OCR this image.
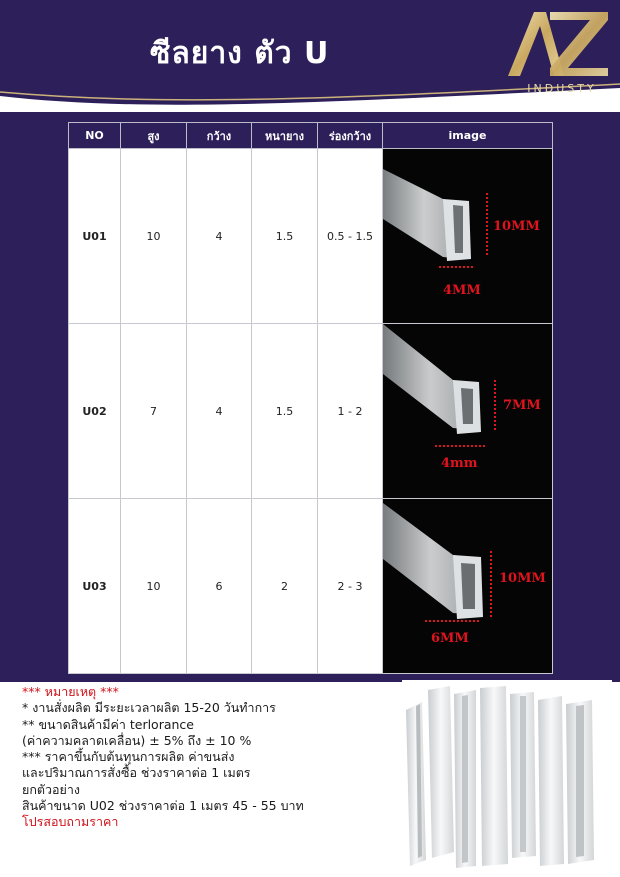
ซีลยาง ตัว U
INDUSTY
NO	สูง	กว้าง	หนายาง	ร่องกว้าง	image
U01	10	4	1.5	0.5 - 1.5	10MM
4MM

U02	7	4	1.5	1 - 2	7MM
4mm

U03	10	6	2	2 - 3	10MM
6MM
*** หมายเหตุ ***
* งานสั่งผลิต มีระยะเวลาผลิต 15-20 วันทำการ
** ขนาดสินค้ามีค่า terlorance
(ค่าความคลาดเคลื่อน) ± 5% ถึง ± 10 %
*** ราคาขึ้นกับต้นทุนการผลิต ค่าขนส่ง
และปริมาณการสั่งซื้อ ช่วงราคาต่อ 1 เมตร
ยกตัวอย่าง
สินค้าขนาด U02 ช่วงราคาต่อ 1 เมตร 45 - 55 บาท
โปรสอบถามราคา
